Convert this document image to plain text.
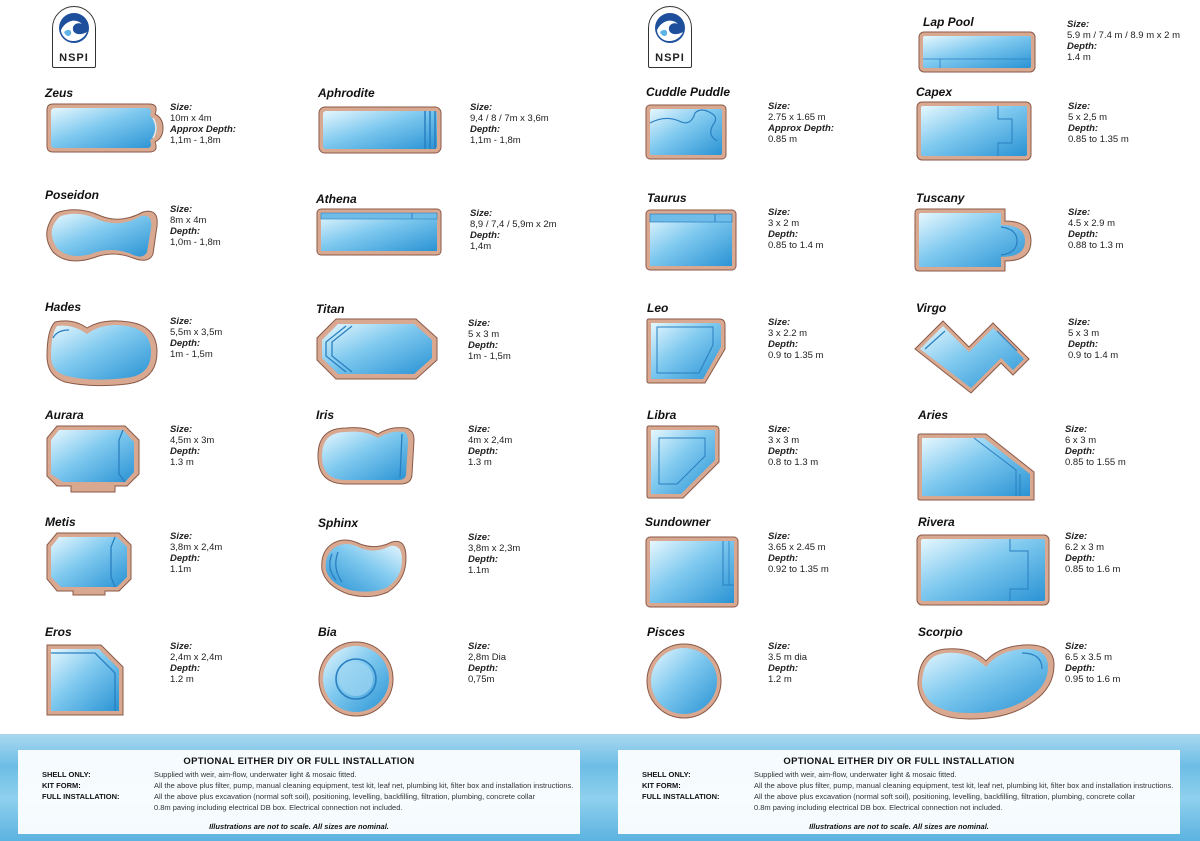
NSPI
Zeus
Size:
10m x 4m
Approx Depth:
1,1m - 1,8m
Aphrodite
Size:
9,4 / 8 / 7m x 3,6m
Depth:
1,1m - 1,8m
Poseidon
Size:
8m x 4m
Depth:
1,0m - 1,8m
Athena
Size:
8,9 / 7,4 / 5,9m x 2m
Depth:
1,4m
Hades
Size:
5,5m x 3,5m
Depth:
1m - 1,5m
Titan
Size:
5 x 3 m
Depth:
1m - 1,5m
Aurara
Size:
4,5m x 3m
Depth:
1.3 m
Iris
Size:
4m x 2,4m
Depth:
1.3 m
Metis
Size:
3,8m x 2,4m
Depth:
1.1m
Sphinx
Size:
3,8m x 2,3m
Depth:
1.1m
Eros
Size:
2,4m x 2,4m
Depth:
1.2 m
Bia
Size:
2,8m Dia
Depth:
0,75m
OPTIONAL EITHER DIY OR FULL INSTALLATION
SHELL ONLY:	Supplied with weir, aim-flow, underwater light & mosaic fitted.
KIT FORM:	All the above plus filter, pump, manual cleaning equipment, test kit, leaf net, plumbing kit, filter box and installation instructions.
FULL INSTALLATION:	All the above plus excavation (normal soft soil), positioning, levelling, backfilling, filtration, plumbing, concrete collar
0.8m paving including electrical DB box. Electrical connection not included.
Illustrations are not to scale. All sizes are nominal.
NSPI
Lap Pool	Size:
5.9 m / 7.4 m / 8.9 m x 2 m
Depth:
1.4 m
Cuddle Puddle
Size:
2.75 x 1.65 m
Approx Depth:
0.85 m
Capex
Size:
5 x 2,5 m
Depth:
0.85 to 1.35 m
Taurus
Size:
3 x 2 m
Depth:
0.85 to 1.4 m
Tuscany
Size:
4.5 x 2.9 m
Depth:
0.88 to 1.3 m
Leo
Size:
3 x 2.2 m
Depth:
0.9 to 1.35 m
Virgo
Size:
5 x 3 m
Depth:
0.9 to 1.4 m
Libra
Size:
3 x 3 m
Depth:
0.8 to 1.3 m
Aries
Size:
6 x 3 m
Depth:
0.85 to 1.55 m
Sundowner
Size:
3.65 x 2.45 m
Depth:
0.92 to 1.35 m
Rivera
Size:
6.2 x 3 m
Depth:
0.85 to 1.6 m
Pisces
Size:
3.5 m dia
Depth:
1.2 m
Scorpio
Size:
6.5 x 3.5 m
Depth:
0.95 to 1.6 m
OPTIONAL EITHER DIY OR FULL INSTALLATION
SHELL ONLY:	Supplied with weir, aim-flow, underwater light & mosaic fitted.
KIT FORM:	All the above plus filter, pump, manual cleaning equipment, test kit, leaf net, plumbing kit, filter box and installation instructions.
FULL INSTALLATION:	All the above plus excavation (normal soft soil), positioning, levelling, backfilling, filtration, plumbing, concrete collar
0.8m paving including electrical DB box. Electrical connection not included.
Illustrations are not to scale. All sizes are nominal.
